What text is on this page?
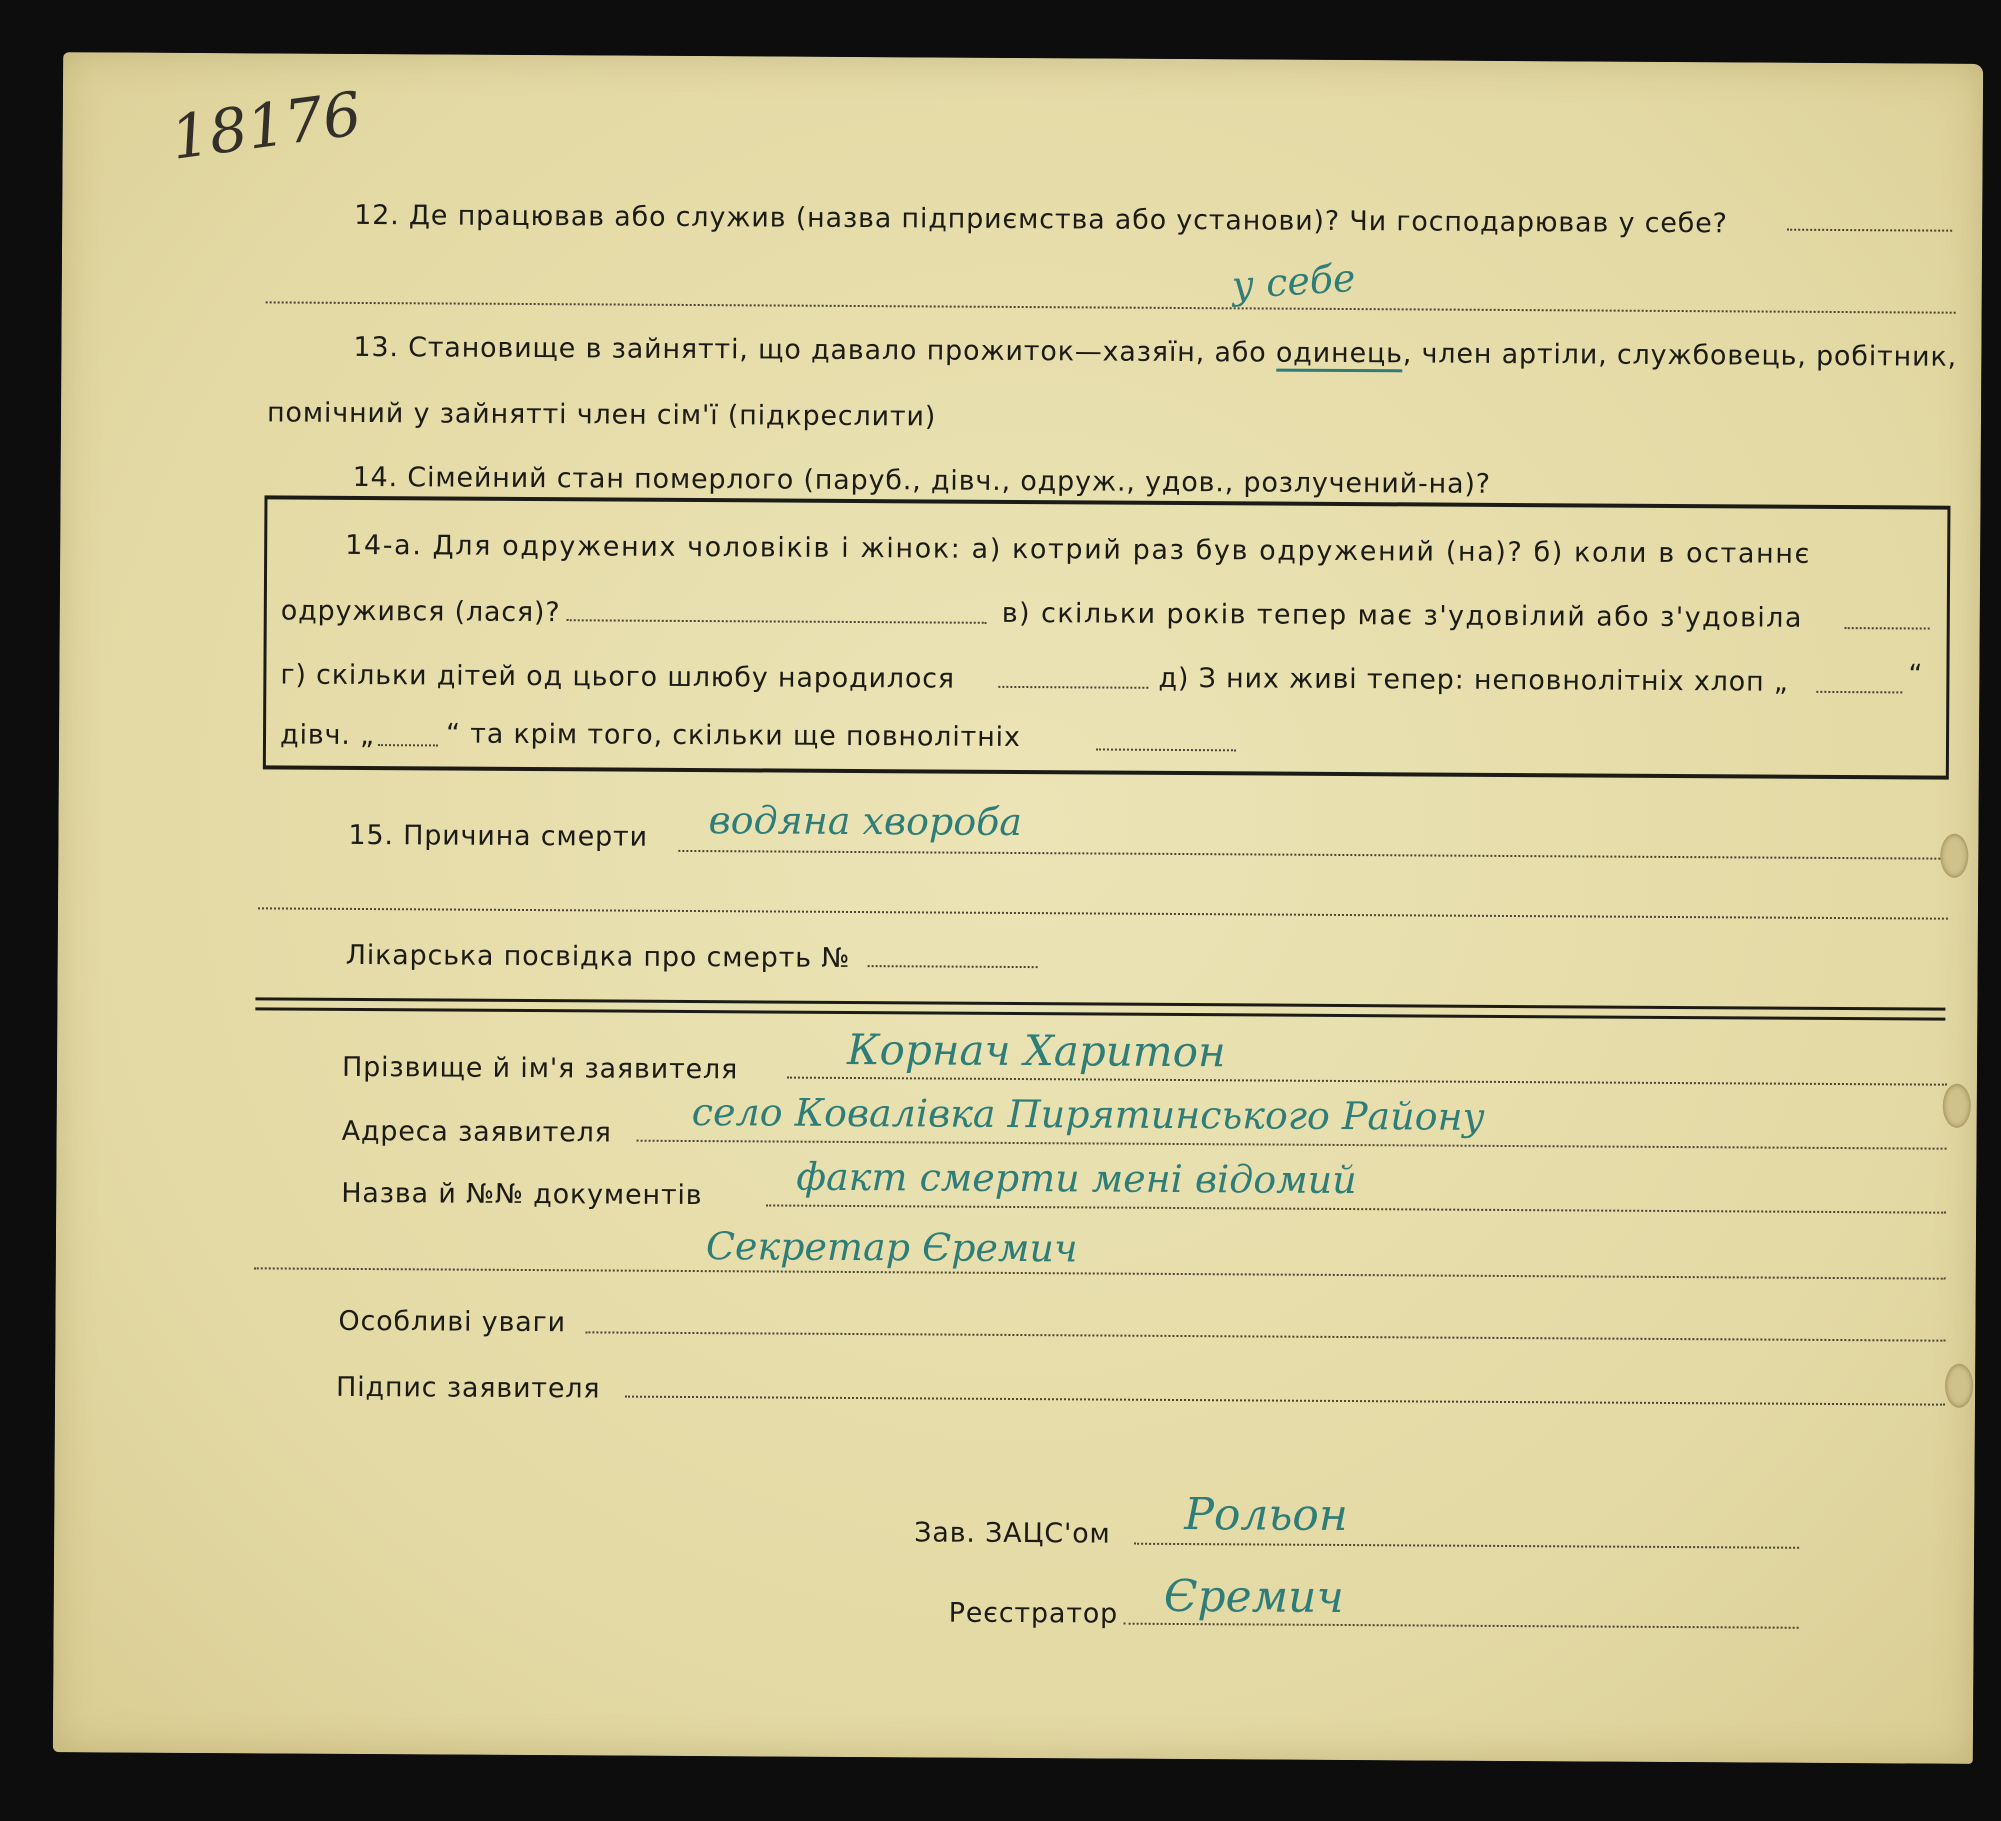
18176
12. Де працював або служив (назва підприємства або установи)? Чи господарював у себе?
у себе
13. Становище в зайнятті, що давало прожиток—хазяїн, або одинець, член артіли, службовець, робітник,
помічний у зайнятті член сім'ї (підкреслити)
14. Сімейний стан померлого (паруб., дівч., одруж., удов., розлучений-на)?
14-а. Для одружених чоловіків і жінок: а) котрий раз був одружений (на)? б) коли в останнє
одружився (лася)?	в) скільки років тепер має з'удовілий або з'удовіла
г) скільки дітей од цього шлюбу народилося	д) З них живі тепер: неповнолітніх хлоп „	“
дівч. „	“ та крім того, скільки ще повнолітніх
15. Причина смерти водяна хвороба
Лікарська посвідка про смерть №
Прізвище й ім'я заявителя	Корнач Харитон
Адреса заявителя село Ковалівка Пирятинського Району
Назва й №№ документів факт смерти мені відомий
Секретар Єремич
Особливі уваги
Підпис заявителя
Зав. ЗАЦС'ом Рольон
Реєстратор Єремич
